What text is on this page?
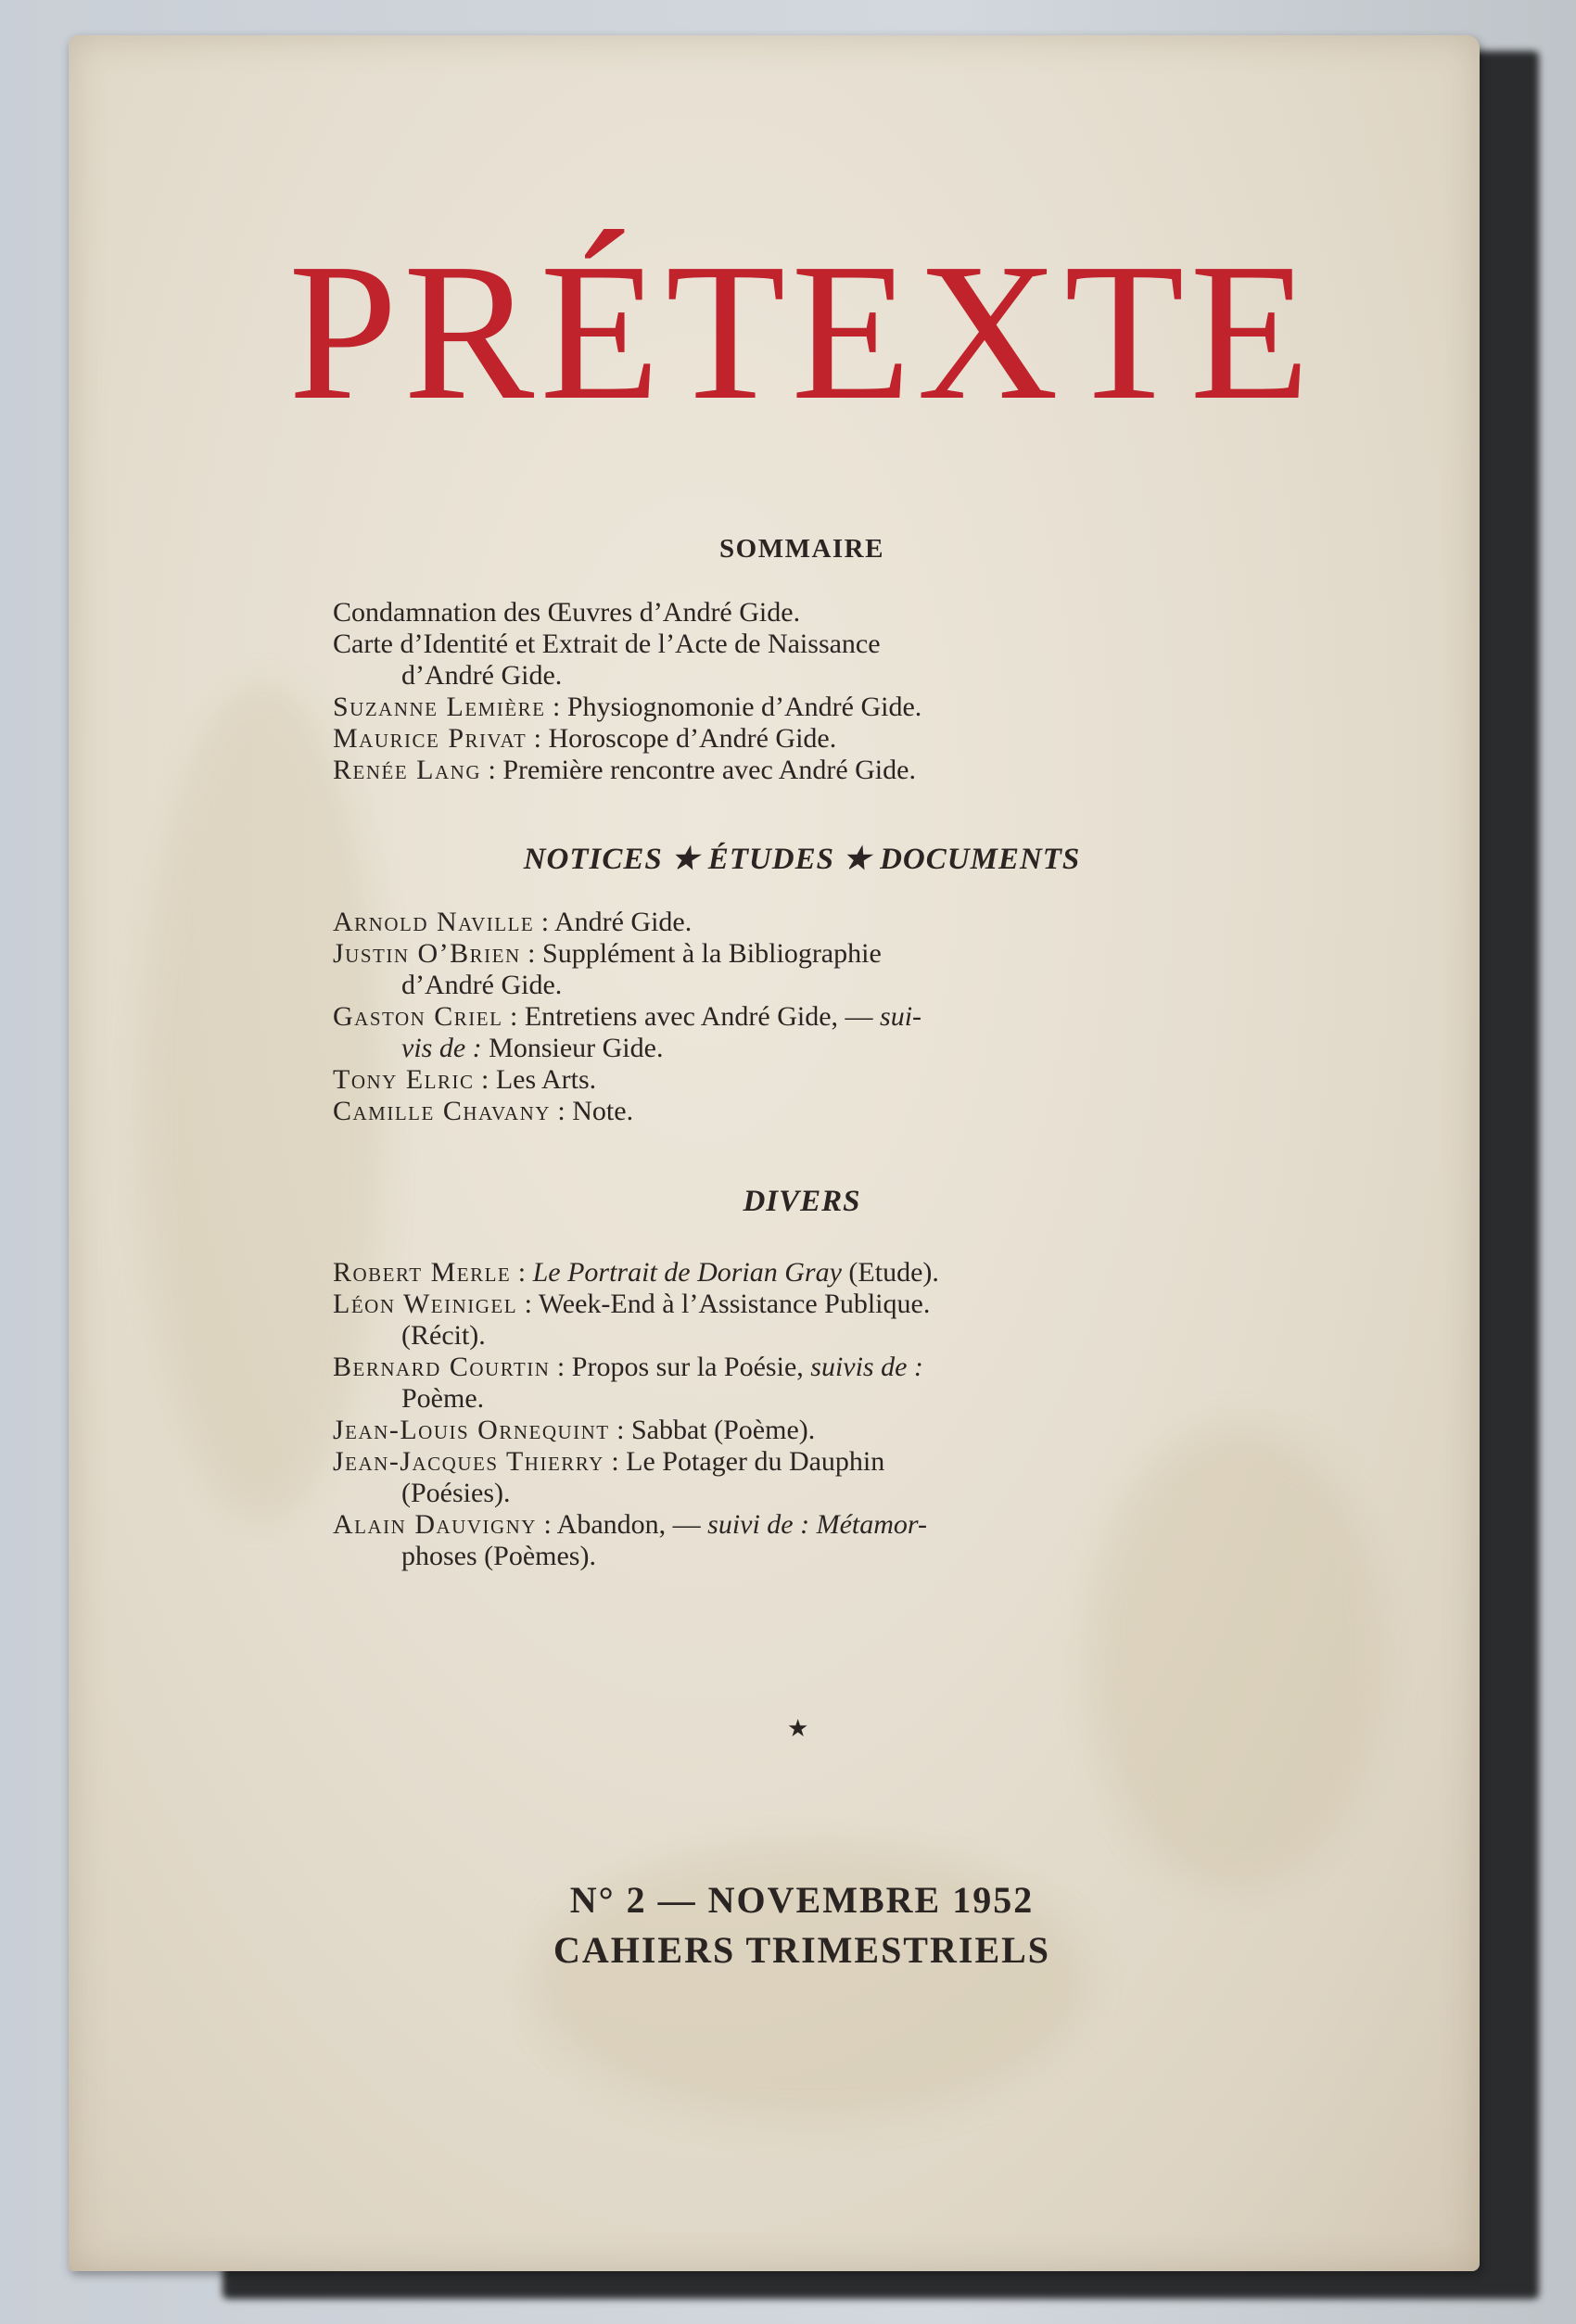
PRÉTEXTE
SOMMAIRE

Condamnation des Œuvres d’André Gide.

Carte d’Identité et Extrait de l’Acte de Naissance

d’André Gide.

Suzanne Lemière : Physiognomonie d’André Gide.

Maurice Privat : Horoscope d’André Gide.

Renée Lang : Première rencontre avec André Gide.

NOTICES ★ ÉTUDES ★ DOCUMENTS

Arnold Naville : André Gide.

Justin O’Brien : Supplément à la Bibliographie

d’André Gide.

Gaston Criel : Entretiens avec André Gide, — sui-

vis de : Monsieur Gide.

Tony Elric : Les Arts.

Camille Chavany : Note.

DIVERS

Robert Merle : Le Portrait de Dorian Gray (Etude).

Léon Weinigel : Week-End à l’Assistance Publique.

(Récit).

Bernard Courtin : Propos sur la Poésie, suivis de :

Poème.

Jean-Louis Ornequint : Sabbat (Poème).

Jean-Jacques Thierry : Le Potager du Dauphin

(Poésies).

Alain Dauvigny : Abandon, — suivi de : Métamor-

phoses (Poèmes).

★
N° 2 — NOVEMBRE 1952
CAHIERS TRIMESTRIELS
